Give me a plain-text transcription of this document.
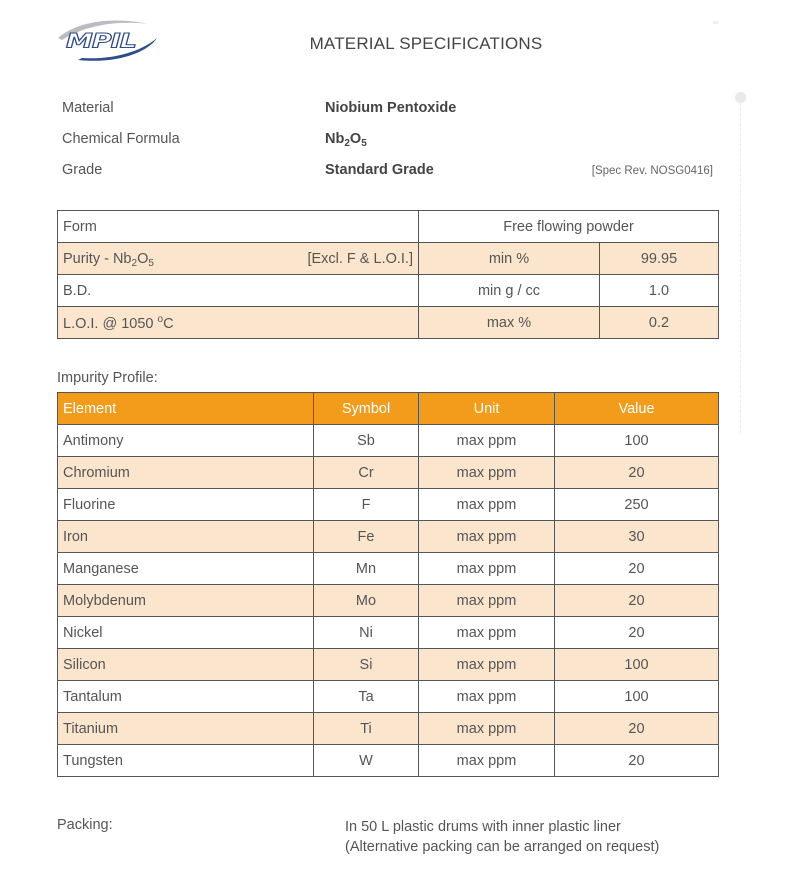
MPIL	MATERIAL SPECIFICATIONS
Material	Niobium Pentoxide
Chemical Formula	$Nb_2O_5$
Grade	Standard Grade	[Spec Rev. NOSG0416]
Form	Free flowing powder	
Purity - $Nb_2O_5$ [Excl. F & L.O.I.]	min %	99.95
B.D.	min g / cc	1.0
L.O.I. @ 1050 $^o$C	max %	0.2
Impurity Profile:
Element	Symbol	Unit	Value
Antimony	Sb	max ppm	100
Chromium	Cr	max ppm	20
Fluorine	F	max ppm	250
Iron	Fe	max ppm	30
Manganese	Mn	max ppm	20
Molybdenum	Mo	max ppm	20
Nickel	Ni	max ppm	20
Silicon	Si	max ppm	100
Tantalum	Ta	max ppm	100
Titanium	Ti	max ppm	20
Tungsten	W	max ppm	20
Packing:	In 50 L plastic drums with inner plastic liner
(Alternative packing can be arranged on request)
